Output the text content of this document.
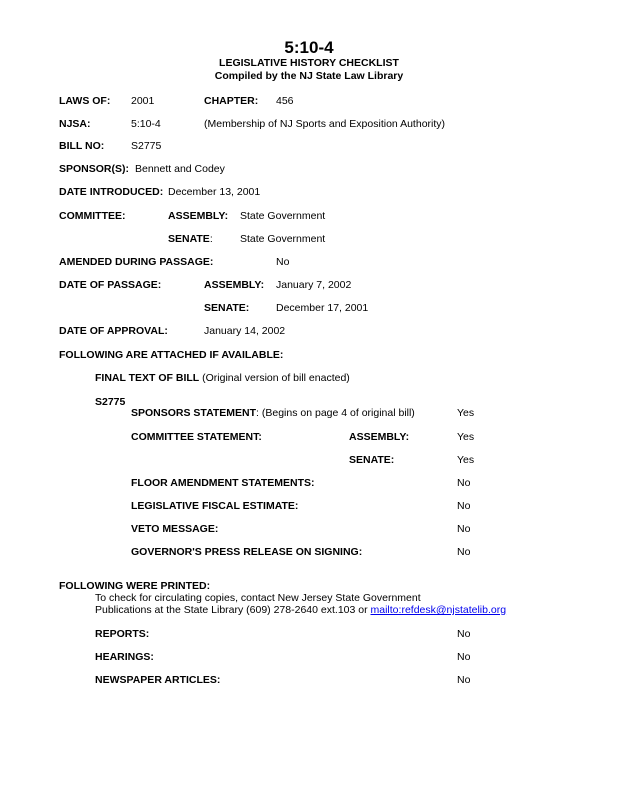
5:10-4
LEGISLATIVE HISTORY CHECKLIST
Compiled by the NJ State Law Library
LAWS OF: 2001	CHAPTER: 456
NJSA:	5:10-4	(Membership of NJ Sports and Exposition Authority)
BILL NO:	S2775
SPONSOR(S): Bennett and Codey
DATE INTRODUCED: December 13, 2001
COMMITTEE:	ASSEMBLY: State Government
SENATE:	State Government
AMENDED DURING PASSAGE:	No
DATE OF PASSAGE:	ASSEMBLY: January 7, 2002
SENATE:	December 17, 2001
DATE OF APPROVAL:	January 14, 2002
FOLLOWING ARE ATTACHED IF AVAILABLE:
FINAL TEXT OF BILL (Original version of bill enacted)
S2775
SPONSORS STATEMENT: (Begins on page 4 of original bill)	Yes
COMMITTEE STATEMENT:	ASSEMBLY:	Yes
SENATE:	Yes
FLOOR AMENDMENT STATEMENTS:	No
LEGISLATIVE FISCAL ESTIMATE:	No
VETO MESSAGE:	No
GOVERNOR'S PRESS RELEASE ON SIGNING:	No
FOLLOWING WERE PRINTED:
To check for circulating copies, contact New Jersey State Government
Publications at the State Library (609) 278-2640 ext.103 or mailto:refdesk@njstatelib.org
REPORTS:	No
HEARINGS:	No
NEWSPAPER ARTICLES:	No
